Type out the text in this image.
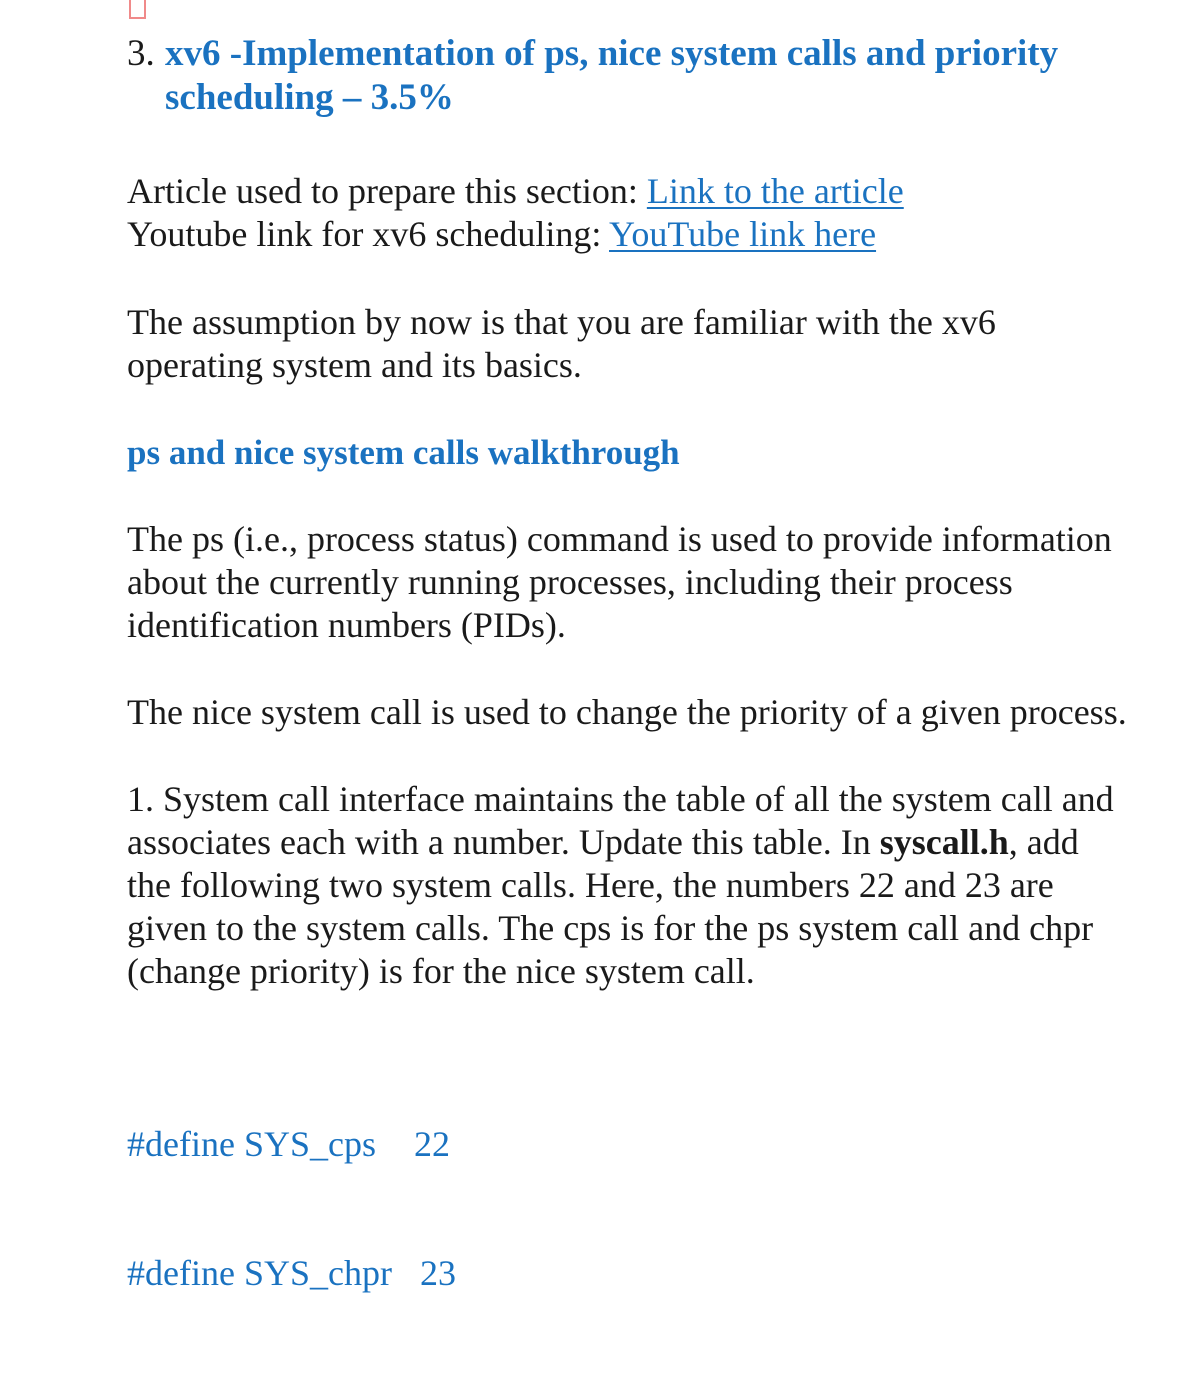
3. xv6 -Implementation of ps, nice system calls and priority scheduling – 3.5%
Article used to prepare this section: Link to the article
Youtube link for xv6 scheduling: YouTube link here

The assumption by now is that you are familiar with the xv6 operating system and its basics.

ps and nice system calls walkthrough

The ps (i.e., process status) command is used to provide information about the currently running processes, including their process identification numbers (PIDs).

The nice system call is used to change the priority of a given process.

1. System call interface maintains the table of all the system call and associates each with a number. Update this table. In syscall.h, add the following two system calls. Here, the numbers 22 and 23 are given to the system calls. The cps is for the ps system call and chpr (change priority) is for the nice system call.

#define SYS_cps 22

#define SYS_chpr 23
